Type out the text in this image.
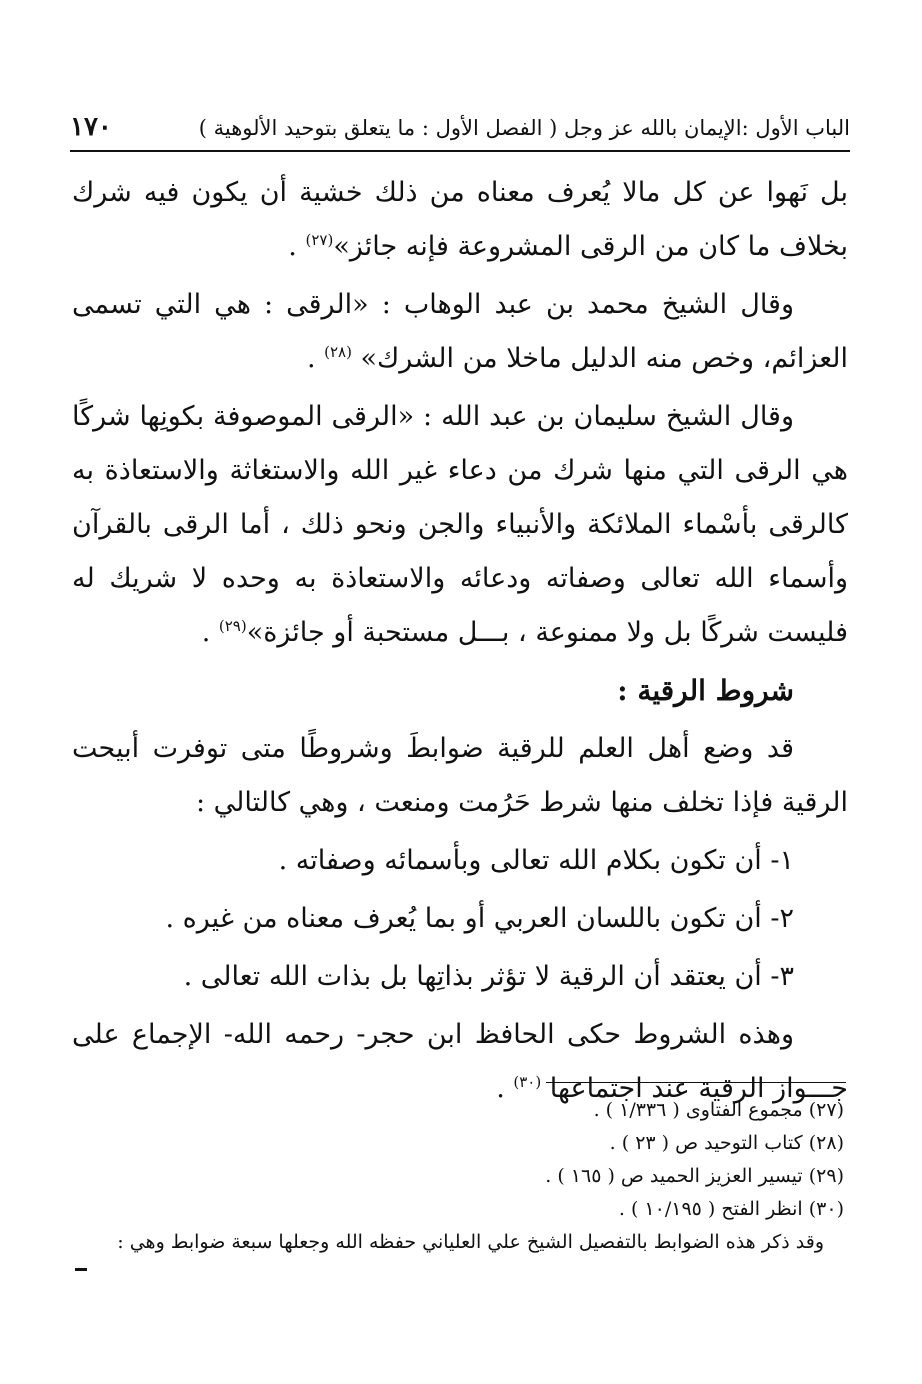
١٧٠	الباب الأول :الإيمان بالله عز وجل ( الفصل الأول : ما يتعلق بتوحيد الألوهية )

بل نَهوا عن كل مالا يُعرف معناه من ذلك خشية أن يكون فيه شرك بخلاف ما كان من الرقى المشروعة فإنه جائز»$^{(٢٧)}$ .

وقال الشيخ محمد بن عبد الوهاب : «الرقى : هي التي تسمى العزائم، وخص منه الدليل ماخلا من الشرك» $^{(٢٨)}$ .

وقال الشيخ سليمان بن عبد الله : «الرقى الموصوفة بكونِها شركًا هي الرقى التي منها شرك من دعاء غير الله والاستغاثة والاستعاذة به كالرقى بأسْماء الملائكة والأنبياء والجن ونحو ذلك ، أما الرقى بالقرآن وأسماء الله تعالى وصفاته ودعائه والاستعاذة به وحده لا شريك له فليست شركًا بل ولا ممنوعة ، بـــل مستحبة أو جائزة»$^{(٢٩)}$ .

شروط الرقية :

قد وضع أهل العلم للرقية ضوابطَ وشروطًا متى توفرت أبيحت الرقية فإذا تخلف منها شرط حَرُمت ومنعت ، وهي كالتالي :

١- أن تكون بكلام الله تعالى وبأسمائه وصفاته .

٢- أن تكون باللسان العربي أو بما يُعرف معناه من غيره .

٣- أن يعتقد أن الرقية لا تؤثر بذاتِها بل بذات الله تعالى .

وهذه الشروط حكى الحافظ ابن حجر- رحمه الله- الإجماع على جـــواز الرقية عند اجتماعها $^{(٣٠)}$ .

(٢٧) مجموع الفتاوى ( ١/٣٣٦ ) .

(٢٨) كتاب التوحيد ص ( ٢٣ ) .

(٢٩) تيسير العزيز الحميد ص ( ١٦٥ ) .

(٣٠) انظر الفتح ( ١٠/١٩٥ ) .

وقد ذكر هذه الضوابط بالتفصيل الشيخ علي العلياني حفظه الله وجعلها سبعة ضوابط وهي :
